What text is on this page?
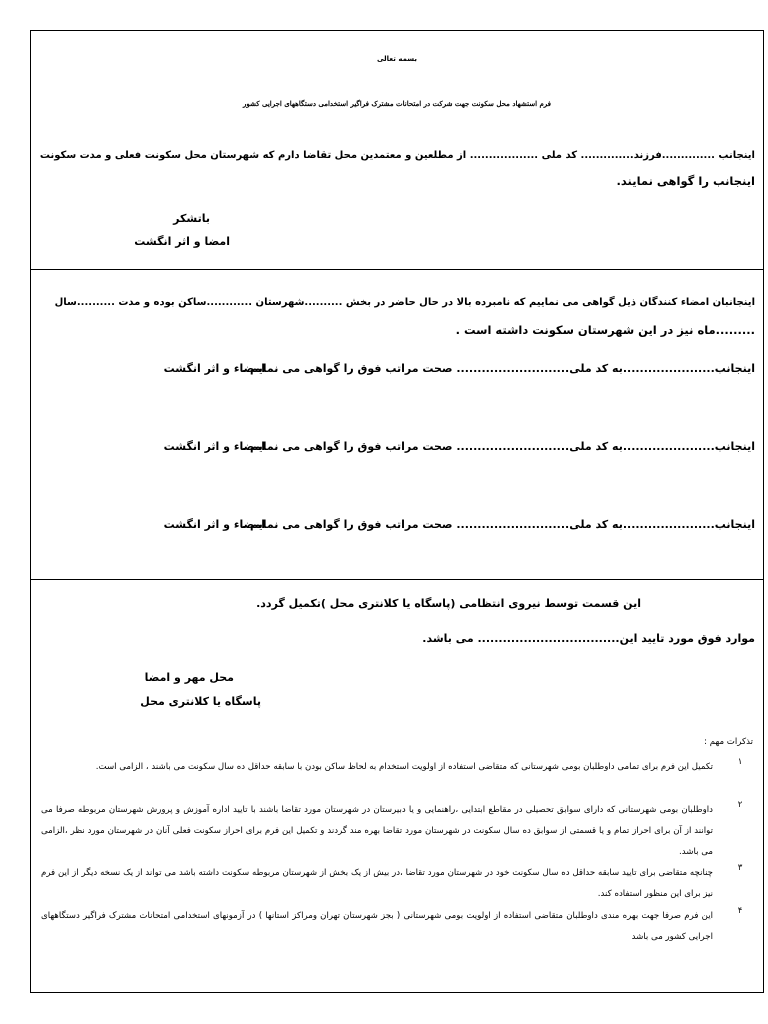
بسمه تعالی
فرم استشهاد محل سکونت جهت شرکت در امتحانات مشترک فراگیر استخدامی دستگاههای اجرایی کشور
اینجانب ..............فرزند.............. کد ملی .................. از مطلعین و معتمدین محل تقاضا دارم که شهرستان محل سکونت فعلی و مدت سکونت
اینجانب را گواهی نمایند.
باتشکر
امضا و اثر انگشت
اینجانبان امضاء کنندگان ذیل گواهی می نماییم که نامبرده بالا در حال حاضر در بخش ..........شهرستان ............ساکن بوده و مدت ..........سال
.........ماه نیز در این شهرستان سکونت داشته است .
اینجانب......................به کد ملی........................... صحت مراتب فوق را گواهی می نمایم .
امضاء و اثر انگشت
اینجانب......................به کد ملی........................... صحت مراتب فوق را گواهی می نمایم .
امضاء و اثر انگشت
اینجانب......................به کد ملی........................... صحت مراتب فوق را گواهی می نمایم .
امضاء و اثر انگشت
این قسمت توسط نیروی انتظامی (پاسگاه یا کلانتری محل )تکمیل گردد.
موارد فوق مورد تایید این.................................. می باشد.
محل مهر و امضا
پاسگاه یا کلانتری محل
تذکرات مهم :
۱
تکمیل این فرم برای تمامی داوطلبان بومی شهرستانی که متقاضی استفاده از اولویت استخدام به لحاظ ساکن بودن با سابقه حداقل ده سال سکونت می باشند ، الزامی است.
۲
داوطلبان بومی شهرستانی که دارای سوابق تحصیلی در مقاطع ابتدایی ،راهنمایی و یا دبیرستان در شهرستان مورد تقاضا باشند با تایید اداره آموزش و پرورش شهرستان مربوطه صرفا می توانند از آن برای احراز تمام و یا قسمتی از سوابق ده سال سکونت در شهرستان مورد تقاضا بهره مند گردند و تکمیل این فرم برای احراز سکونت فعلی آنان در شهرستان مورد نظر ،الزامی می باشد.
۳
چنانچه متقاضی برای تایید سابقه حداقل ده سال سکونت خود در شهرستان مورد تقاضا ،در بیش از یک بخش از شهرستان مربوطه سکونت داشته باشد می تواند از یک نسخه دیگر از این فرم نیز برای این منظور استفاده کند.
۴
این فرم صرفا جهت بهره مندی داوطلبان متقاضی استفاده از اولویت بومی شهرستانی ( بجز شهرستان تهران ومراکز استانها ) در آزمونهای استخدامی امتحانات مشترک فراگیر دستگاههای اجرایی کشور می باشد
